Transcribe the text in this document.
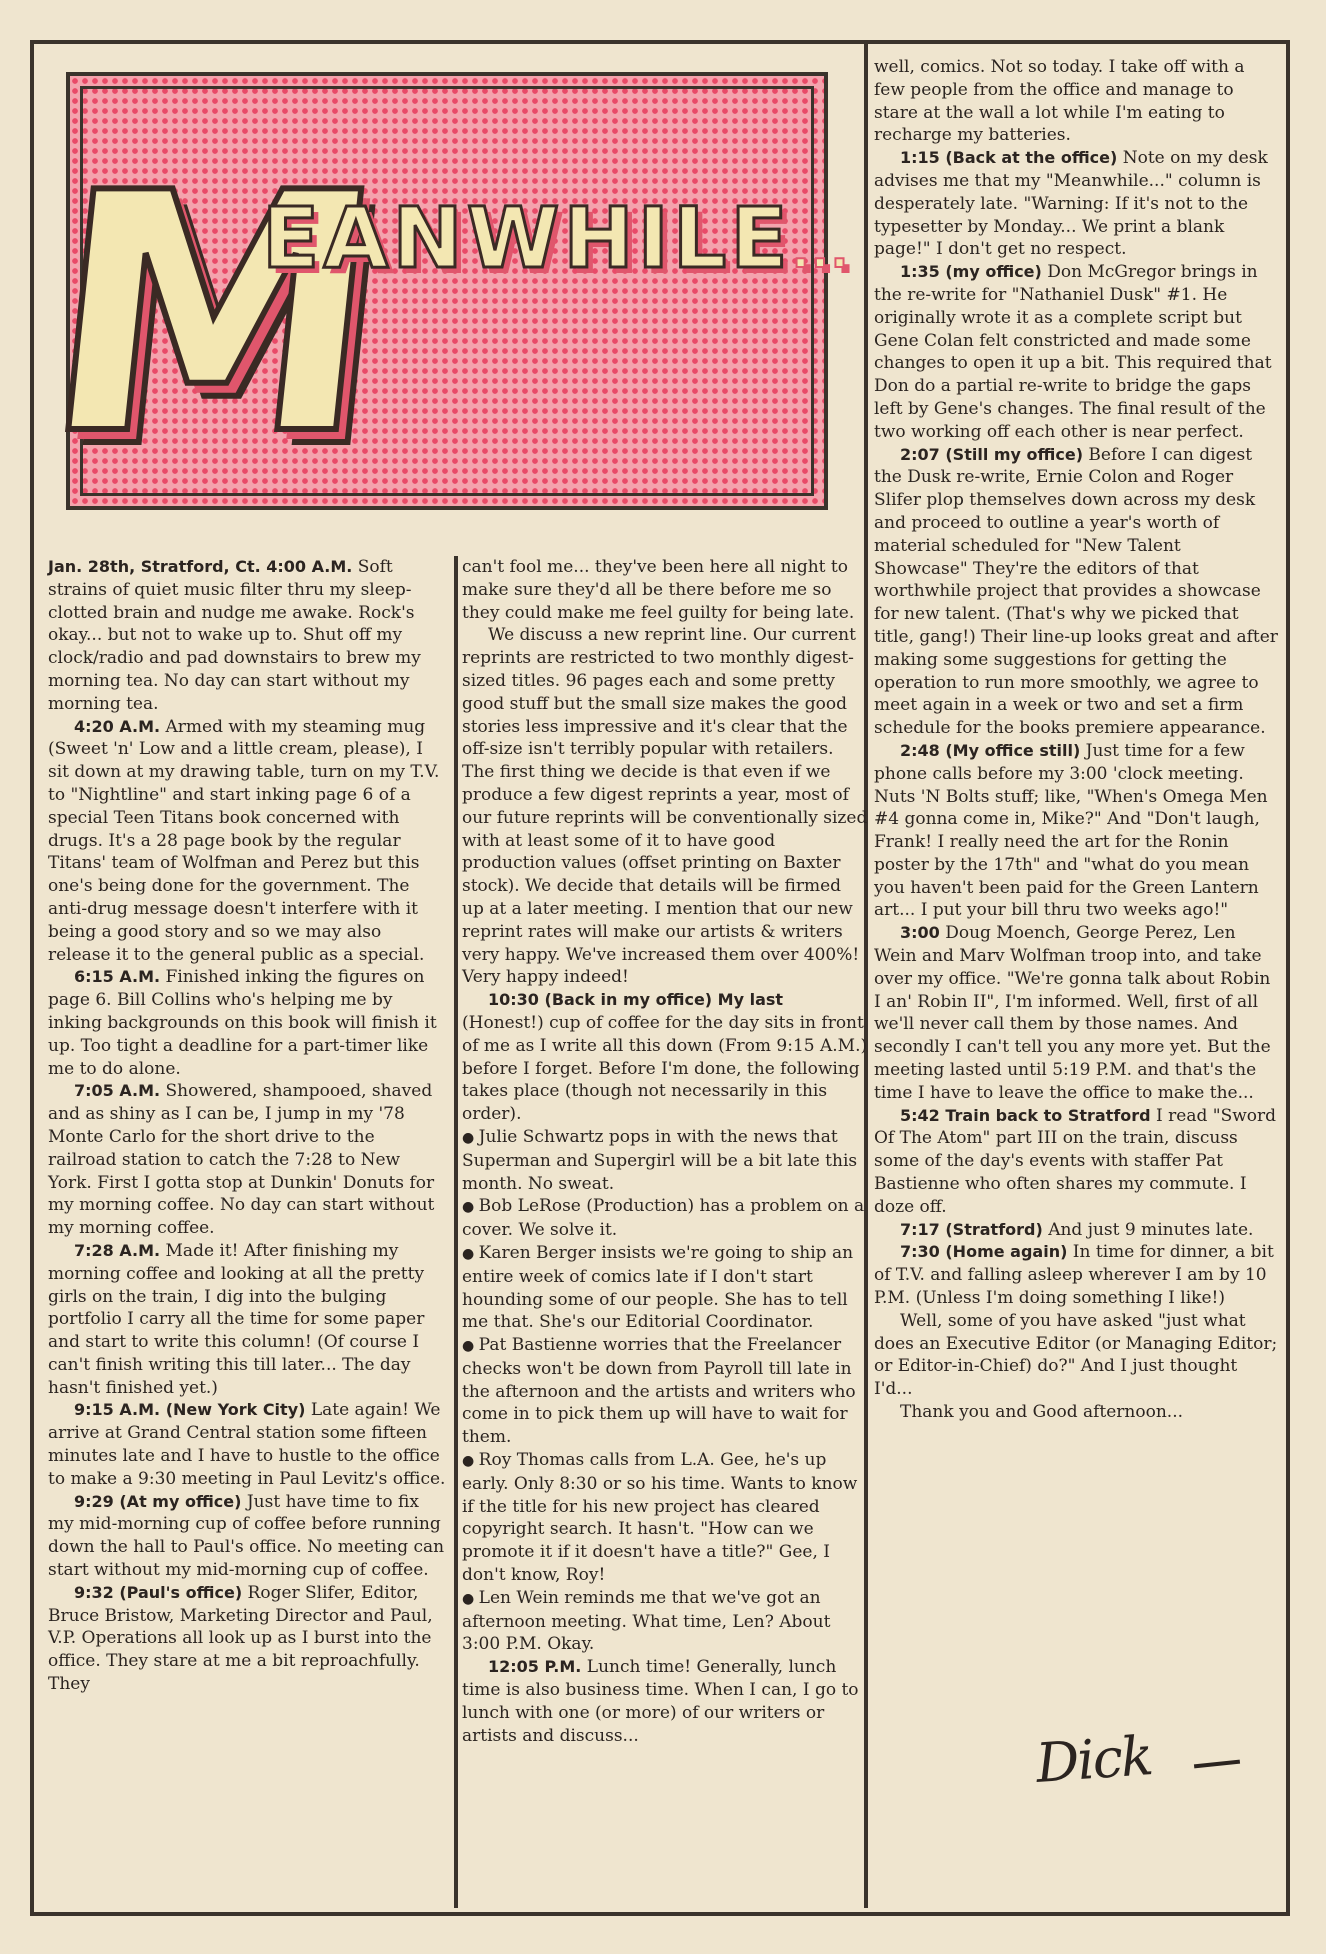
M
EANWHILE...

Jan. 28th, Stratford, Ct. 4:00 A.M. Soft strains of quiet music filter thru my sleep-clotted brain and nudge me awake. Rock's okay... but not to wake up to. Shut off my clock/radio and pad downstairs to brew my morning tea. No day can start without my morning tea.

4:20 A.M. Armed with my steaming mug (Sweet 'n' Low and a little cream, please), I sit down at my drawing table, turn on my T.V. to "Nightline" and start inking page 6 of a special Teen Titans book concerned with drugs. It's a 28 page book by the regular Titans' team of Wolfman and Perez but this one's being done for the government. The anti-drug message doesn't interfere with it being a good story and so we may also release it to the general public as a special.

6:15 A.M. Finished inking the figures on page 6. Bill Collins who's helping me by inking backgrounds on this book will finish it up. Too tight a deadline for a part-timer like me to do alone.

7:05 A.M. Showered, shampooed, shaved and as shiny as I can be, I jump in my '78 Monte Carlo for the short drive to the railroad station to catch the 7:28 to New York. First I gotta stop at Dunkin' Donuts for my morning coffee. No day can start without my morning coffee.

7:28 A.M. Made it! After finishing my morning coffee and looking at all the pretty girls on the train, I dig into the bulging portfolio I carry all the time for some paper and start to write this column! (Of course I can't finish writing this till later... The day hasn't finished yet.)

9:15 A.M. (New York City) Late again! We arrive at Grand Central station some fifteen minutes late and I have to hustle to the office to make a 9:30 meeting in Paul Levitz's office.

9:29 (At my office) Just have time to fix my mid-morning cup of coffee before running down the hall to Paul's office. No meeting can start without my mid-morning cup of coffee.

9:32 (Paul's office) Roger Slifer, Editor, Bruce Bristow, Marketing Director and Paul, V.P. Operations all look up as I burst into the office. They stare at me a bit reproachfully. They

can't fool me... they've been here all night to make sure they'd all be there before me so they could make me feel guilty for being late.

We discuss a new reprint line. Our current reprints are restricted to two monthly digest-sized titles. 96 pages each and some pretty good stuff but the small size makes the good stories less impressive and it's clear that the off-size isn't terribly popular with retailers. The first thing we decide is that even if we produce a few digest reprints a year, most of our future reprints will be conventionally sized with at least some of it to have good production values (offset printing on Baxter stock). We decide that details will be firmed up at a later meeting. I mention that our new reprint rates will make our artists & writers very happy. We've increased them over 400%! Very happy indeed!

10:30 (Back in my office) My last (Honest!) cup of coffee for the day sits in front of me as I write all this down (From 9:15 A.M.) before I forget. Before I'm done, the following takes place (though not necessarily in this order).

● Julie Schwartz pops in with the news that Superman and Supergirl will be a bit late this month. No sweat.

● Bob LeRose (Production) has a problem on a cover. We solve it.

● Karen Berger insists we're going to ship an entire week of comics late if I don't start hounding some of our people. She has to tell me that. She's our Editorial Coordinator.

● Pat Bastienne worries that the Freelancer checks won't be down from Payroll till late in the afternoon and the artists and writers who come in to pick them up will have to wait for them.

● Roy Thomas calls from L.A. Gee, he's up early. Only 8:30 or so his time. Wants to know if the title for his new project has cleared copyright search. It hasn't. "How can we promote it if it doesn't have a title?" Gee, I don't know, Roy!

● Len Wein reminds me that we've got an afternoon meeting. What time, Len? About 3:00 P.M. Okay.

12:05 P.M. Lunch time! Generally, lunch time is also business time. When I can, I go to lunch with one (or more) of our writers or artists and discuss...

well, comics. Not so today. I take off with a few people from the office and manage to stare at the wall a lot while I'm eating to recharge my batteries.

1:15 (Back at the office) Note on my desk advises me that my "Meanwhile..." column is desperately late. "Warning: If it's not to the typesetter by Monday... We print a blank page!" I don't get no respect.

1:35 (my office) Don McGregor brings in the re-write for "Nathaniel Dusk" #1. He originally wrote it as a complete script but Gene Colan felt constricted and made some changes to open it up a bit. This required that Don do a partial re-write to bridge the gaps left by Gene's changes. The final result of the two working off each other is near perfect.

2:07 (Still my office) Before I can digest the Dusk re-write, Ernie Colon and Roger Slifer plop themselves down across my desk and proceed to outline a year's worth of material scheduled for "New Talent Showcase" They're the editors of that worthwhile project that provides a showcase for new talent. (That's why we picked that title, gang!) Their line-up looks great and after making some suggestions for getting the operation to run more smoothly, we agree to meet again in a week or two and set a firm schedule for the books premiere appearance.

2:48 (My office still) Just time for a few phone calls before my 3:00 'clock meeting. Nuts 'N Bolts stuff; like, "When's Omega Men #4 gonna come in, Mike?" And "Don't laugh, Frank! I really need the art for the Ronin poster by the 17th" and "what do you mean you haven't been paid for the Green Lantern art... I put your bill thru two weeks ago!"

3:00 Doug Moench, George Perez, Len Wein and Marv Wolfman troop into, and take over my office. "We're gonna talk about Robin I an' Robin II", I'm informed. Well, first of all we'll never call them by those names. And secondly I can't tell you any more yet. But the meeting lasted until 5:19 P.M. and that's the time I have to leave the office to make the...

5:42 Train back to Stratford I read "Sword Of The Atom" part III on the train, discuss some of the day's events with staffer Pat Bastienne who often shares my commute. I doze off.

7:17 (Stratford) And just 9 minutes late.

7:30 (Home again) In time for dinner, a bit of T.V. and falling asleep wherever I am by 10 P.M. (Unless I'm doing something I like!)

Well, some of you have asked "just what does an Executive Editor (or Managing Editor; or Editor-in-Chief) do?" And I just thought I'd...

Thank you and Good afternoon...

Dick
